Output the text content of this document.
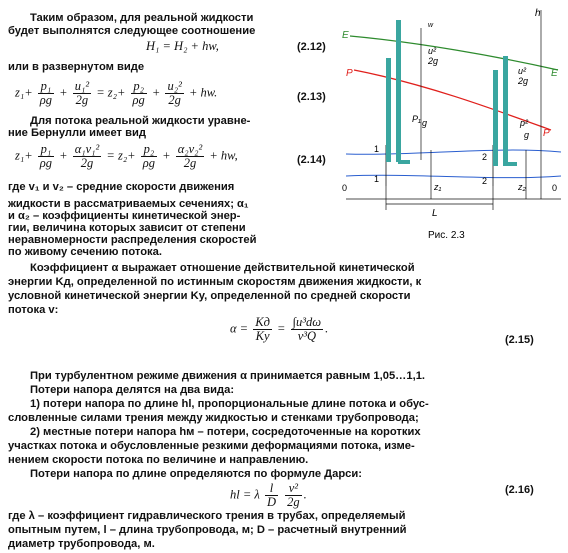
Таким образом, для реальной жидкости
будет выполнятся следующее соотношение
H₁ = H₂ + hw,	(2.12)
или в развернутом виде
$z_1+ \frac{\text{p₁}}{\rho g} + \frac{\text{u₁²}}{2g} = z_2+ \frac{\text{p₂}}{\rho g} + \frac{\text{u₂²}}{2g}$ + hw.	(2.13)
Для потока реальной жидкости уравне-
ние Бернулли имеет вид
$z_1+ \frac{\text{p₁}}{\rho g} + \frac{\text{α₁v₁²}}{2g} = z_2+ \frac{\text{p₂}}{\rho g} + \frac{\text{α₂v₂²}}{2g}$ + hw,	(2.14)
где v₁ и v₂ – средние скорости движения
жидкости в рассматриваемых сечениях; α₁
и α₂ – коэффициенты кинетической энер-
гии, величина которых зависит от степени
неравномерности распределения скоростей
по живому сечению потока.
E
E
P
P
h
w
u²
2g
u²
2g
P₁ g	p²
g
1
1
2
2
0	0
z₁	z₂
L
Рис. 2.3
Коэффициент α выражает отношение действительной кинетической
энергии Kд, определенной по истинным скоростям движения жидкости, к
условной кинетической энергии Kу, определенной по средней скорости
потока v:
$\alpha = \frac{Kд}{Kу} = \frac{\text{∫u³dω}}{\text{v³Q}}$ .
(2.15)
При турбулентном режиме движения α принимается равным 1,05…1,1.
Потери напора делятся на два вида:
1) потери напора по длине hl, пропорциональные длине потока и обус-
словленные силами трения между жидкостью и стенками трубопровода;
2) местные потери напора hм – потери, сосредоточенные на коротких
участках потока и обусловленные резкими деформациями потока, изме-
нением скорости потока по величине и направлению.
Потери напора по длине определяются по формуле Дарси:
hl = λ $\frac{l}{D}$
$\frac{\text{v²}}{2g}$ .	(2.16)
где λ – коэффициент гидравлического трения в трубах, определяемый
опытным путем, l – длина трубопровода, м; D – расчетный внутренний
диаметр трубопровода, м.
